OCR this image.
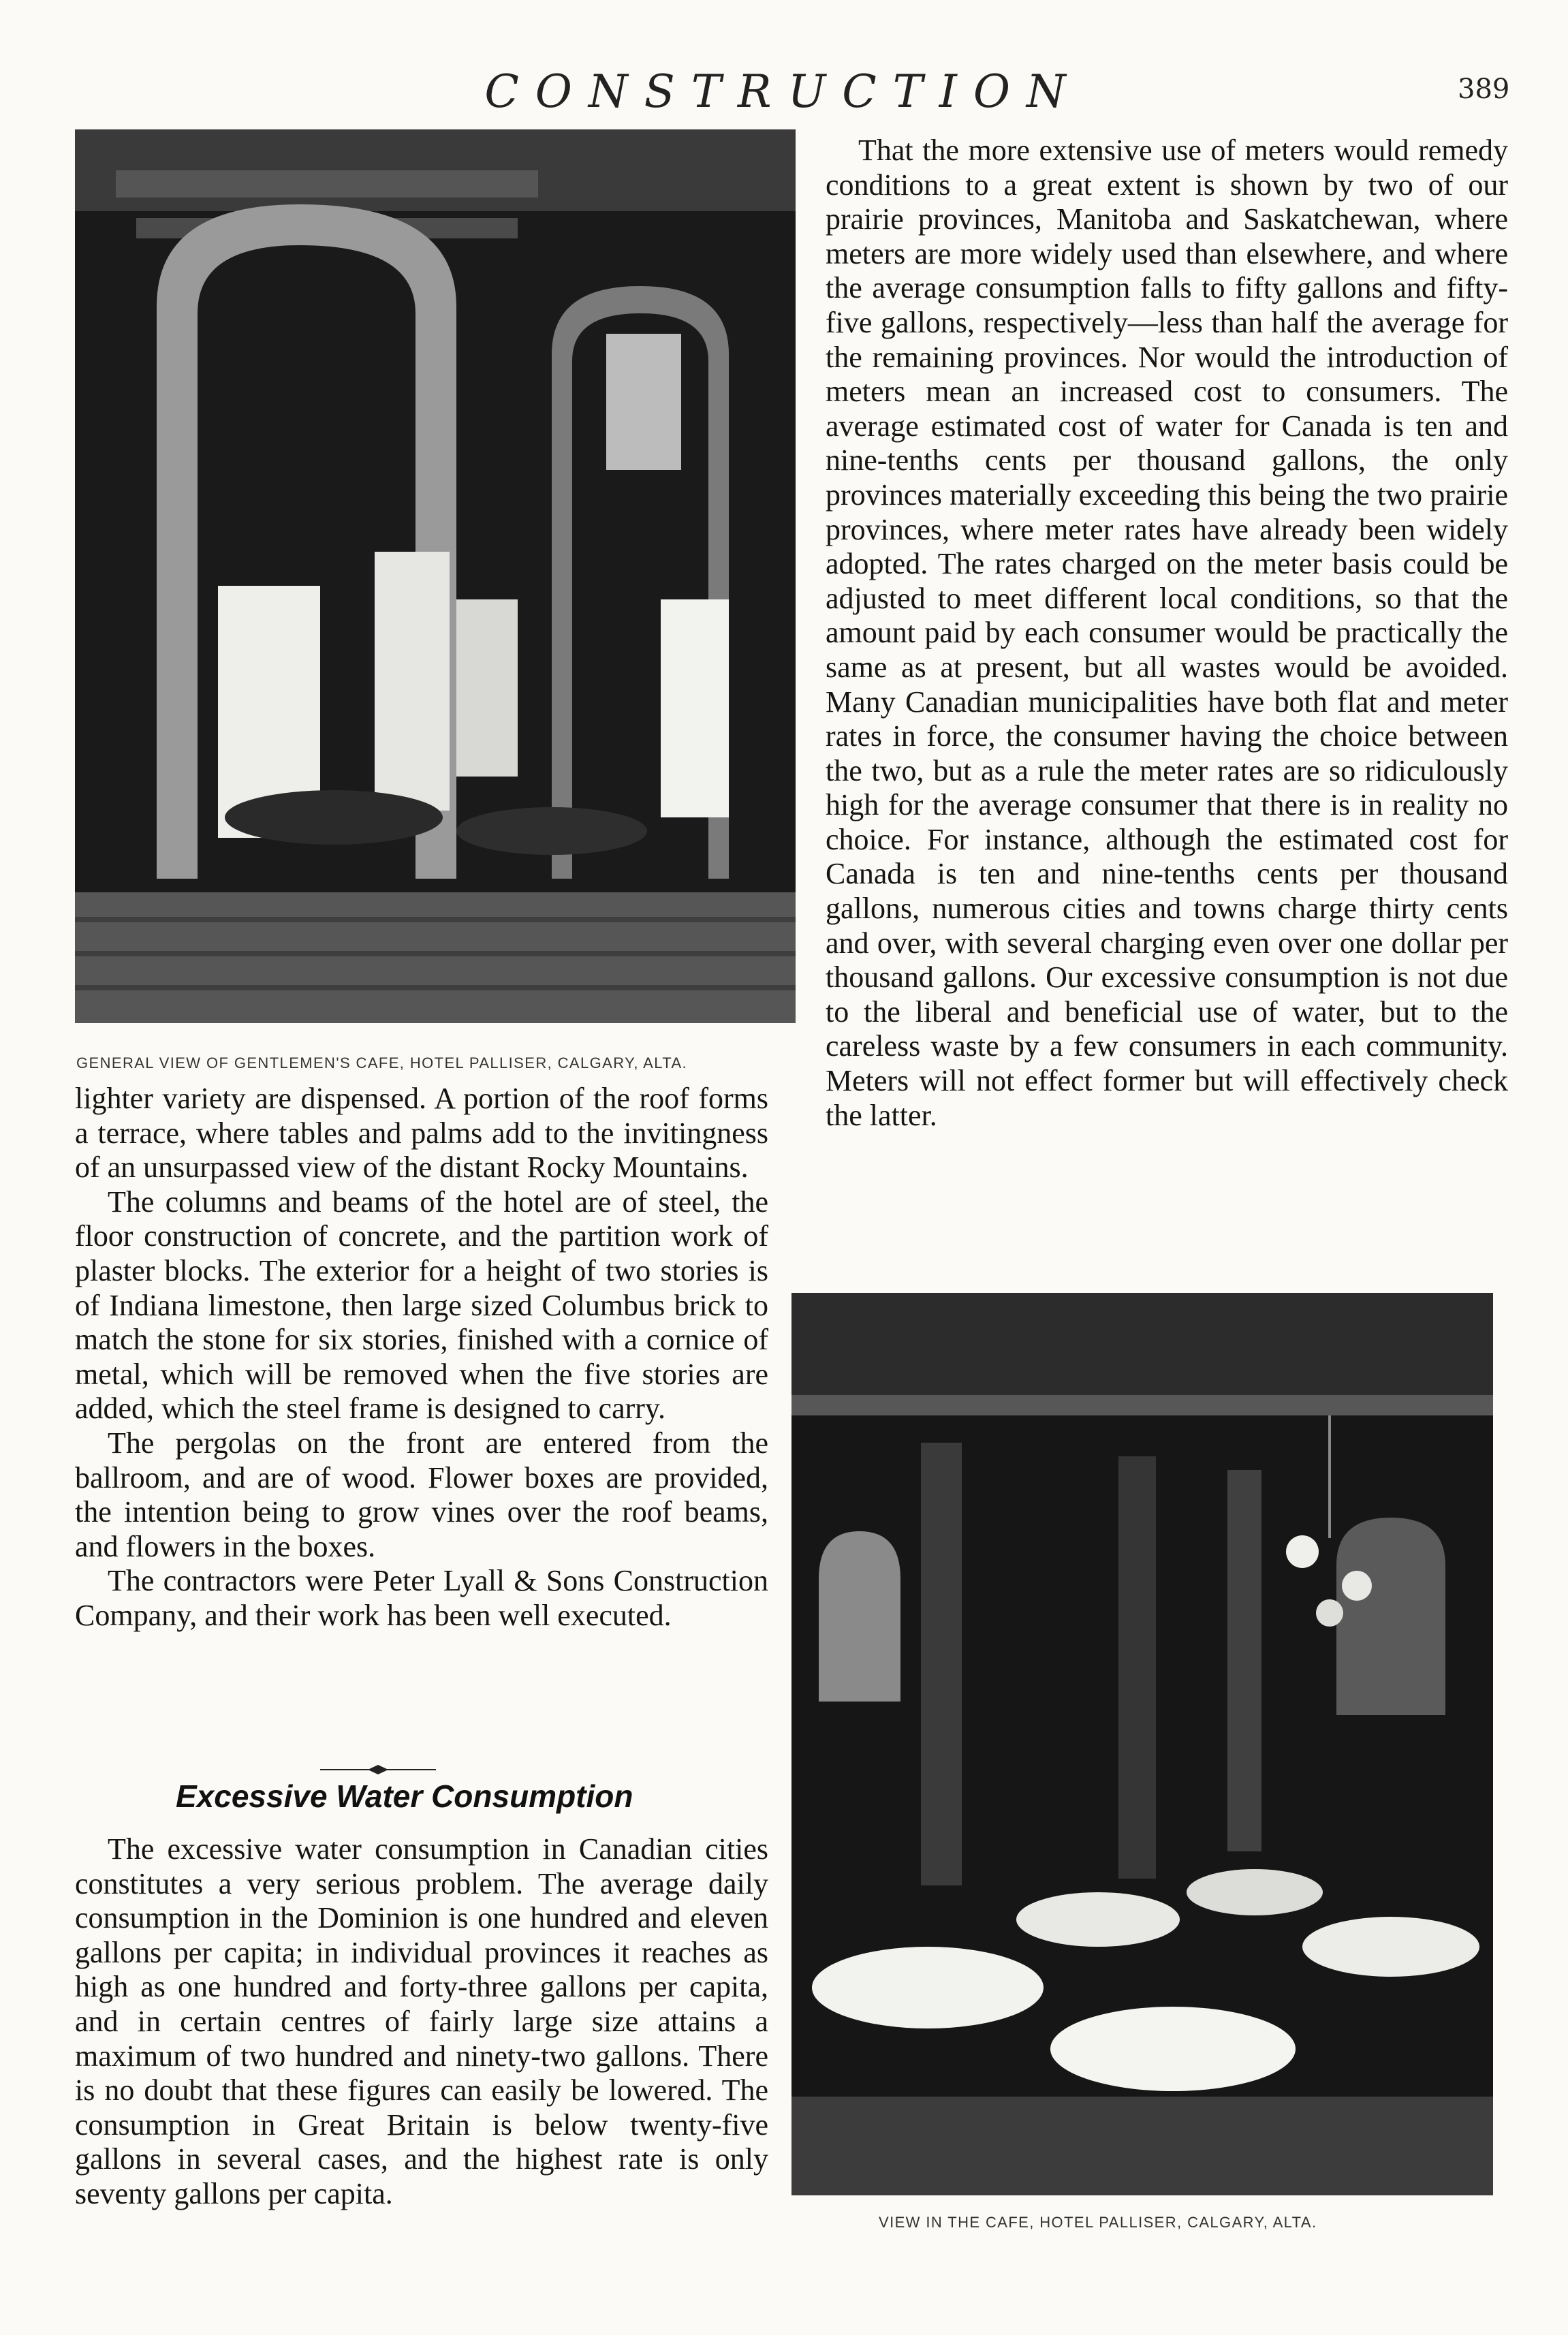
CONSTRUCTION	389
GENERAL VIEW OF GENTLEMEN'S CAFE, HOTEL PALLISER, CALGARY, ALTA.

lighter variety are dispensed. A portion of the roof forms a terrace, where tables and palms add to the invitingness of an unsurpassed view of the distant Rocky Mountains.

The columns and beams of the hotel are of steel, the floor construction of concrete, and the partition work of plaster blocks. The exterior for a height of two stories is of Indiana limestone, then large sized Columbus brick to match the stone for six stories, finished with a cornice of metal, which will be removed when the five stories are added, which the steel frame is designed to carry.

The pergolas on the front are entered from the ballroom, and are of wood. Flower boxes are provided, the intention being to grow vines over the roof beams, and flowers in the boxes.

The contractors were Peter Lyall & Sons Construction Company, and their work has been well executed.

Excessive Water Consumption

The excessive water consumption in Canadian cities constitutes a very serious problem. The average daily consumption in the Dominion is one hundred and eleven gallons per capita; in individual provinces it reaches as high as one hundred and forty-three gallons per capita, and in certain centres of fairly large size attains a maximum of two hundred and ninety-two gallons. There is no doubt that these figures can easily be lowered. The consumption in Great Britain is below twenty-five gallons in several cases, and the highest rate is only seventy gallons per capita.

That the more extensive use of meters would remedy conditions to a great extent is shown by two of our prairie provinces, Manitoba and Saskatchewan, where meters are more widely used than elsewhere, and where the average consumption falls to fifty gallons and fifty-five gallons, respectively—less than half the average for the remaining provinces. Nor would the introduction of meters mean an increased cost to consumers. The average estimated cost of water for Canada is ten and nine-tenths cents per thousand gallons, the only provinces materially exceeding this being the two prairie provinces, where meter rates have already been widely adopted. The rates charged on the meter basis could be adjusted to meet different local conditions, so that the amount paid by each consumer would be practically the same as at present, but all wastes would be avoided. Many Canadian municipalities have both flat and meter rates in force, the consumer having the choice between the two, but as a rule the meter rates are so ridiculously high for the average consumer that there is in reality no choice. For instance, although the estimated cost for Canada is ten and nine-tenths cents per thousand gallons, numerous cities and towns charge thirty cents and over, with several charging even over one dollar per thousand gallons. Our excessive consumption is not due to the liberal and beneficial use of water, but to the careless waste by a few consumers in each community. Meters will not effect former but will effectively check the latter.

VIEW IN THE CAFE, HOTEL PALLISER, CALGARY, ALTA.
